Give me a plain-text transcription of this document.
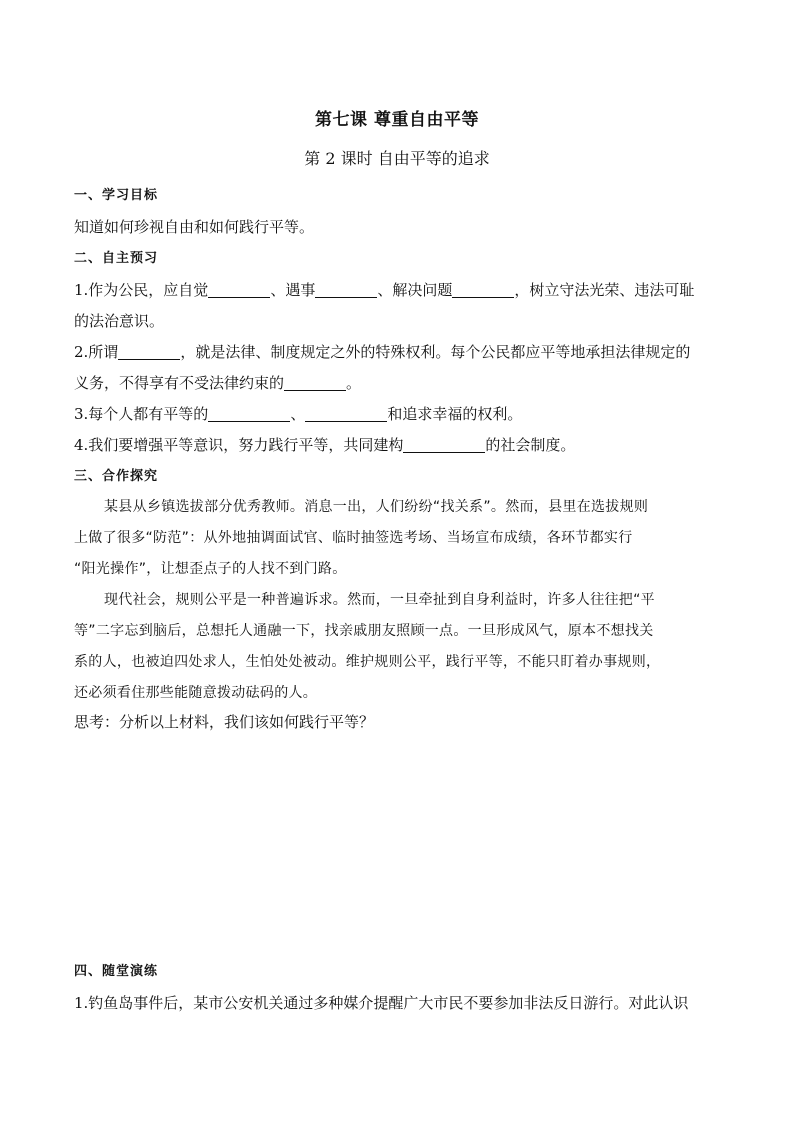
第七课 尊重自由平等
第 2 课时 自由平等的追求
一、学习目标
知道如何珍视自由和如何践行平等。
二、自主预习
1.作为公民，应自觉	、遇事	、解决问题	，树立守法光荣、违法可耻
的法治意识。
2.所谓	，就是法律、制度规定之外的特殊权利。每个公民都应平等地承担法律规定的
义务，不得享有不受法律约束的	。
3.每个人都有平等的	、	和追求幸福的权利。
4.我们要增强平等意识，努力践行平等，共同建构	的社会制度。
三、合作探究
某县从乡镇选拔部分优秀教师。消息一出，人们纷纷“找关系”。然而，县里在选拔规则
上做了很多“防范”：从外地抽调面试官、临时抽签选考场、当场宣布成绩，各环节都实行
“阳光操作”，让想歪点子的人找不到门路。
现代社会，规则公平是一种普遍诉求。然而，一旦牵扯到自身利益时，许多人往往把“平
等”二字忘到脑后，总想托人通融一下，找亲戚朋友照顾一点。一旦形成风气，原本不想找关
系的人，也被迫四处求人，生怕处处被动。维护规则公平，践行平等，不能只盯着办事规则，
还必须看住那些能随意拨动砝码的人。
思考：分析以上材料，我们该如何践行平等？
四、随堂演练
1.钓鱼岛事件后，某市公安机关通过多种媒介提醒广大市民不要参加非法反日游行。对此认识
